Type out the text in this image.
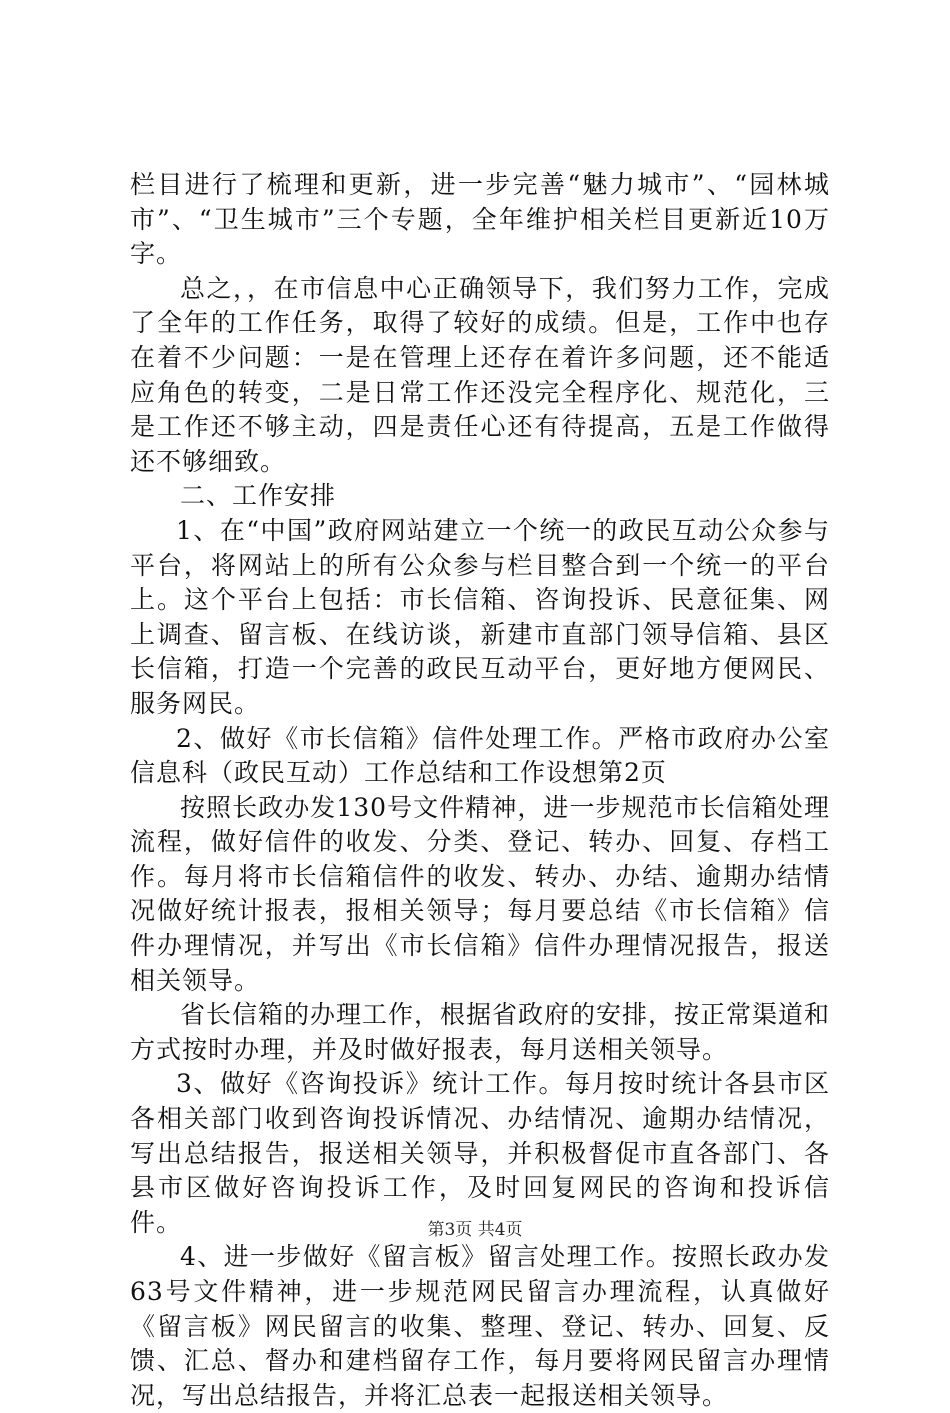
栏目进行了梳理和更新，进一步完善“魅力城市”、“园林城市”、“卫生城市”三个专题，全年维护相关栏目更新近10万字。

总之，，在市信息中心正确领导下，我们努力工作，完成了全年的工作任务，取得了较好的成绩。但是，工作中也存在着不少问题：一是在管理上还存在着许多问题，还不能适应角色的转变，二是日常工作还没完全程序化、规范化，三是工作还不够主动，四是责任心还有待提高，五是工作做得还不够细致。

二、工作安排

1、在“中国”政府网站建立一个统一的政民互动公众参与平台，将网站上的所有公众参与栏目整合到一个统一的平台上。这个平台上包括：市长信箱、咨询投诉、民意征集、网上调查、留言板、在线访谈，新建市直部门领导信箱、县区长信箱，打造一个完善的政民互动平台，更好地方便网民、服务网民。

2、做好《市长信箱》信件处理工作。严格市政府办公室信息科（政民互动）工作总结和工作设想第2页

按照长政办发130号文件精神，进一步规范市长信箱处理流程，做好信件的收发、分类、登记、转办、回复、存档工作。每月将市长信箱信件的收发、转办、办结、逾期办结情况做好统计报表，报相关领导；每月要总结《市长信箱》信件办理情况，并写出《市长信箱》信件办理情况报告，报送相关领导。

省长信箱的办理工作，根据省政府的安排，按正常渠道和方式按时办理，并及时做好报表，每月送相关领导。

3、做好《咨询投诉》统计工作。每月按时统计各县市区各相关部门收到咨询投诉情况、办结情况、逾期办结情况，写出总结报告，报送相关领导，并积极督促市直各部门、各县市区做好咨询投诉工作，及时回复网民的咨询和投诉信件。

4、进一步做好《留言板》留言处理工作。按照长政办发63号文件精神，进一步规范网民留言办理流程，认真做好《留言板》网民留言的收集、整理、登记、转办、回复、反馈、汇总、督办和建档留存工作，每月要将网民留言办理情况，写出总结报告，并将汇总表一起报送相关领导。

第3页 共4页
